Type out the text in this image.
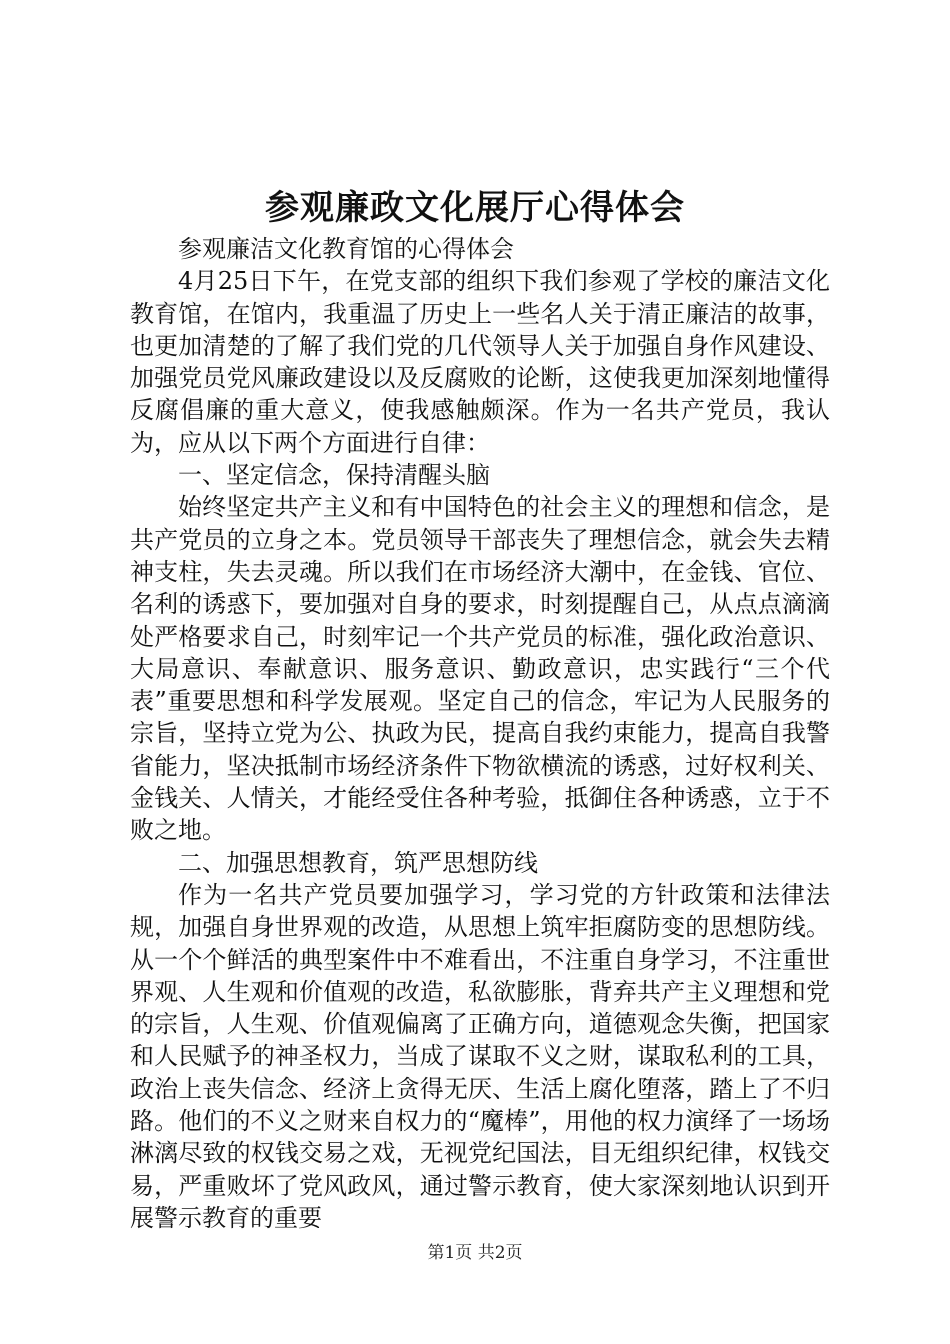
参观廉政文化展厅心得体会

参观廉洁文化教育馆的心得体会

4月25日下午，在党支部的组织下我们参观了学校的廉洁文化教育馆，在馆内，我重温了历史上一些名人关于清正廉洁的故事，也更加清楚的了解了我们党的几代领导人关于加强自身作风建设、加强党员党风廉政建设以及反腐败的论断，这使我更加深刻地懂得反腐倡廉的重大意义，使我感触颇深。作为一名共产党员，我认为，应从以下两个方面进行自律：

一、坚定信念，保持清醒头脑

始终坚定共产主义和有中国特色的社会主义的理想和信念，是共产党员的立身之本。党员领导干部丧失了理想信念，就会失去精神支柱，失去灵魂。所以我们在市场经济大潮中，在金钱、官位、名利的诱惑下，要加强对自身的要求，时刻提醒自己，从点点滴滴处严格要求自己，时刻牢记一个共产党员的标准，强化政治意识、大局意识、奉献意识、服务意识、勤政意识，忠实践行“三个代表”重要思想和科学发展观。坚定自己的信念，牢记为人民服务的宗旨，坚持立党为公、执政为民，提高自我约束能力，提高自我警省能力，坚决抵制市场经济条件下物欲横流的诱惑，过好权利关、金钱关、人情关，才能经受住各种考验，抵御住各种诱惑，立于不败之地。

二、加强思想教育，筑严思想防线

作为一名共产党员要加强学习，学习党的方针政策和法律法规，加强自身世界观的改造，从思想上筑牢拒腐防变的思想防线。从一个个鲜活的典型案件中不难看出，不注重自身学习，不注重世界观、人生观和价值观的改造，私欲膨胀，背弃共产主义理想和党的宗旨，人生观、价值观偏离了正确方向，道德观念失衡，把国家和人民赋予的神圣权力，当成了谋取不义之财，谋取私利的工具，政治上丧失信念、经济上贪得无厌、生活上腐化堕落，踏上了不归路。他们的不义之财来自权力的“魔棒”，用他的权力演绎了一场场淋漓尽致的权钱交易之戏，无视党纪国法，目无组织纪律，权钱交易，严重败坏了党风政风，通过警示教育，使大家深刻地认识到开展警示教育的重要

第1页 共2页
